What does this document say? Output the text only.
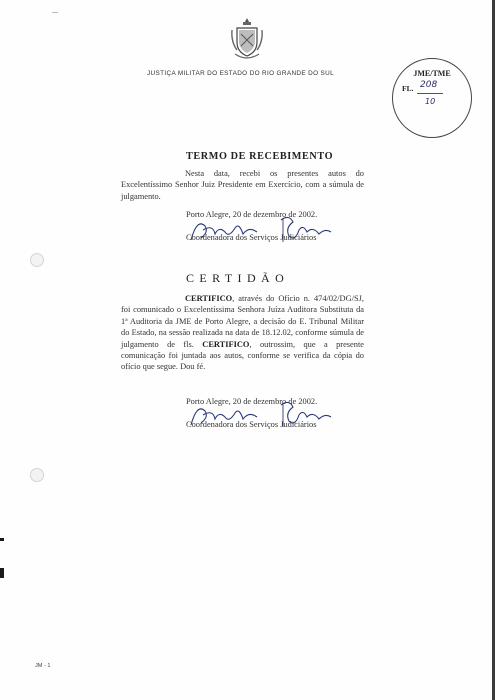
JUSTIÇA MILITAR DO ESTADO DO RIO GRANDE DO SUL	JME/TME
FL. 208
10
TERMO DE RECEBIMENTO
Nesta data, recebi os presentes autos do Excelentíssimo Senhor Juiz Presidente em Exercício, com a súmula de julgamento.
Porto Alegre, 20 de dezembro de 2002.
Coordenadora dos Serviços Judiciários
CERTIDÃO
CERTIFICO, através do Ofício n. 474/02/DG/SJ, foi comunicado o Excelentíssima Senhora Juíza Auditora Substituta da 1ª Auditoria da JME de Porto Alegre, a decisão do E. Tribunal Militar do Estado, na sessão realizada na data de 18.12.02, conforme súmula de julgamento de fls. CERTIFICO, outrossim, que a presente comunicação foi juntada aos autos, conforme se verifica da cópia do ofício que segue. Dou fé.
Porto Alegre, 20 de dezembro de 2002.
Coordenadora dos Serviços Judiciários
JM - 1
